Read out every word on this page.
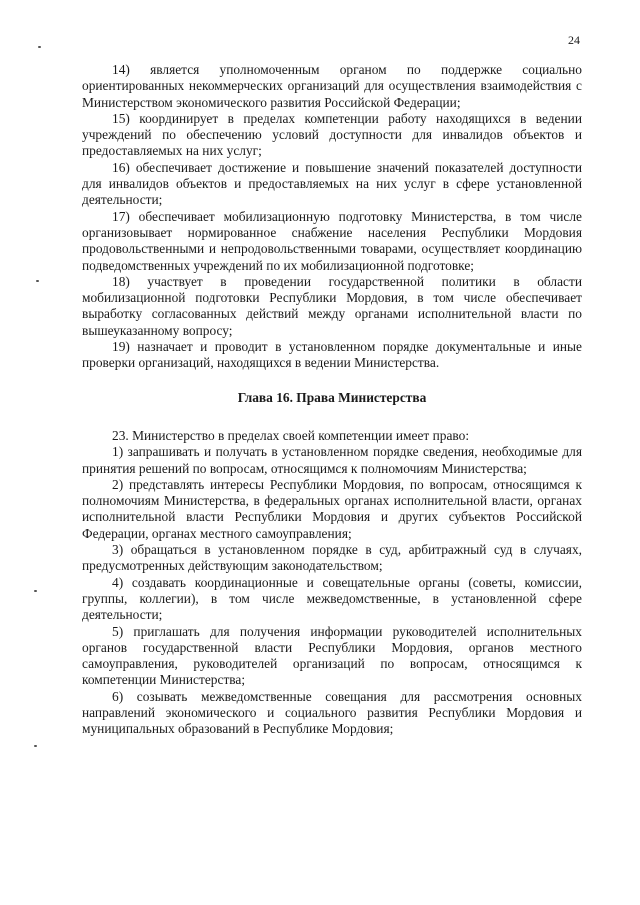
24

14) является уполномоченным органом по поддержке социально ориентированных некоммерческих организаций для осуществления взаимодействия с Министерством экономического развития Российской Федерации;

15) координирует в пределах компетенции работу находящихся в ведении учреждений по обеспечению условий доступности для инвалидов объектов и предоставляемых на них услуг;

16) обеспечивает достижение и повышение значений показателей доступности для инвалидов объектов и предоставляемых на них услуг в сфере установленной деятельности;

17) обеспечивает мобилизационную подготовку Министерства, в том числе организовывает нормированное снабжение населения Республики Мордовия продовольственными и непродовольственными товарами, осуществляет координацию подведомственных учреждений по их мобилизационной подготовке;

18) участвует в проведении государственной политики в области мобилизационной подготовки Республики Мордовия, в том числе обеспечивает выработку согласованных действий между органами исполнительной власти по вышеуказанному вопросу;

19) назначает и проводит в установленном порядке документальные и иные проверки организаций, находящихся в ведении Министерства.

Глава 16. Права Министерства

23. Министерство в пределах своей компетенции имеет право:

1) запрашивать и получать в установленном порядке сведения, необходимые для принятия решений по вопросам, относящимся к полномочиям Министерства;

2) представлять интересы Республики Мордовия, по вопросам, относящимся к полномочиям Министерства, в федеральных органах исполнительной власти, органах исполнительной власти Республики Мордовия и других субъектов Российской Федерации, органах местного самоуправления;

3) обращаться в установленном порядке в суд, арбитражный суд в случаях, предусмотренных действующим законодательством;

4) создавать координационные и совещательные органы (советы, комиссии, группы, коллегии), в том числе межведомственные, в установленной сфере деятельности;

5) приглашать для получения информации руководителей исполнительных органов государственной власти Республики Мордовия, органов местного самоуправления, руководителей организаций по вопросам, относящимся к компетенции Министерства;

6) созывать межведомственные совещания для рассмотрения основных направлений экономического и социального развития Республики Мордовия и муниципальных образований в Республике Мордовия;
